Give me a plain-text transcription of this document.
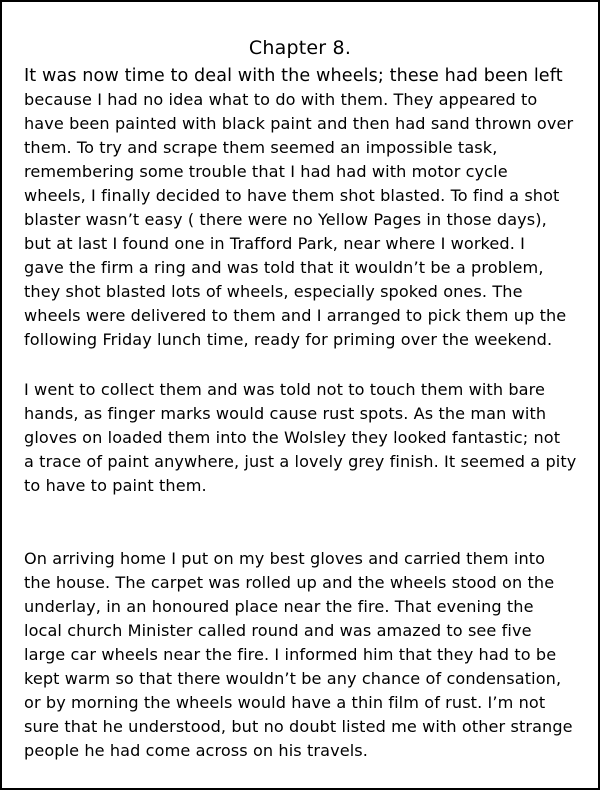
Chapter 8.
It was now time to deal with the wheels; these had been left
because I had no idea what to do with them. They appeared to
have been painted with black paint and then had sand thrown over
them. To try and scrape them seemed an impossible task,
remembering some trouble that I had had with motor cycle
wheels, I finally decided to have them shot blasted. To find a shot
blaster wasn’t easy ( there were no Yellow Pages in those days),
but at last I found one in Trafford Park, near where I worked. I
gave the firm a ring and was told that it wouldn’t be a problem,
they shot blasted lots of wheels, especially spoked ones. The
wheels were delivered to them and I arranged to pick them up the
following Friday lunch time, ready for priming over the weekend.
I went to collect them and was told not to touch them with bare
hands, as finger marks would cause rust spots. As the man with
gloves on loaded them into the Wolsley they looked fantastic; not
a trace of paint anywhere, just a lovely grey finish. It seemed a pity
to have to paint them.
On arriving home I put on my best gloves and carried them into
the house. The carpet was rolled up and the wheels stood on the
underlay, in an honoured place near the fire. That evening the
local church Minister called round and was amazed to see five
large car wheels near the fire. I informed him that they had to be
kept warm so that there wouldn’t be any chance of condensation,
or by morning the wheels would have a thin film of rust. I’m not
sure that he understood, but no doubt listed me with other strange
people he had come across on his travels.
